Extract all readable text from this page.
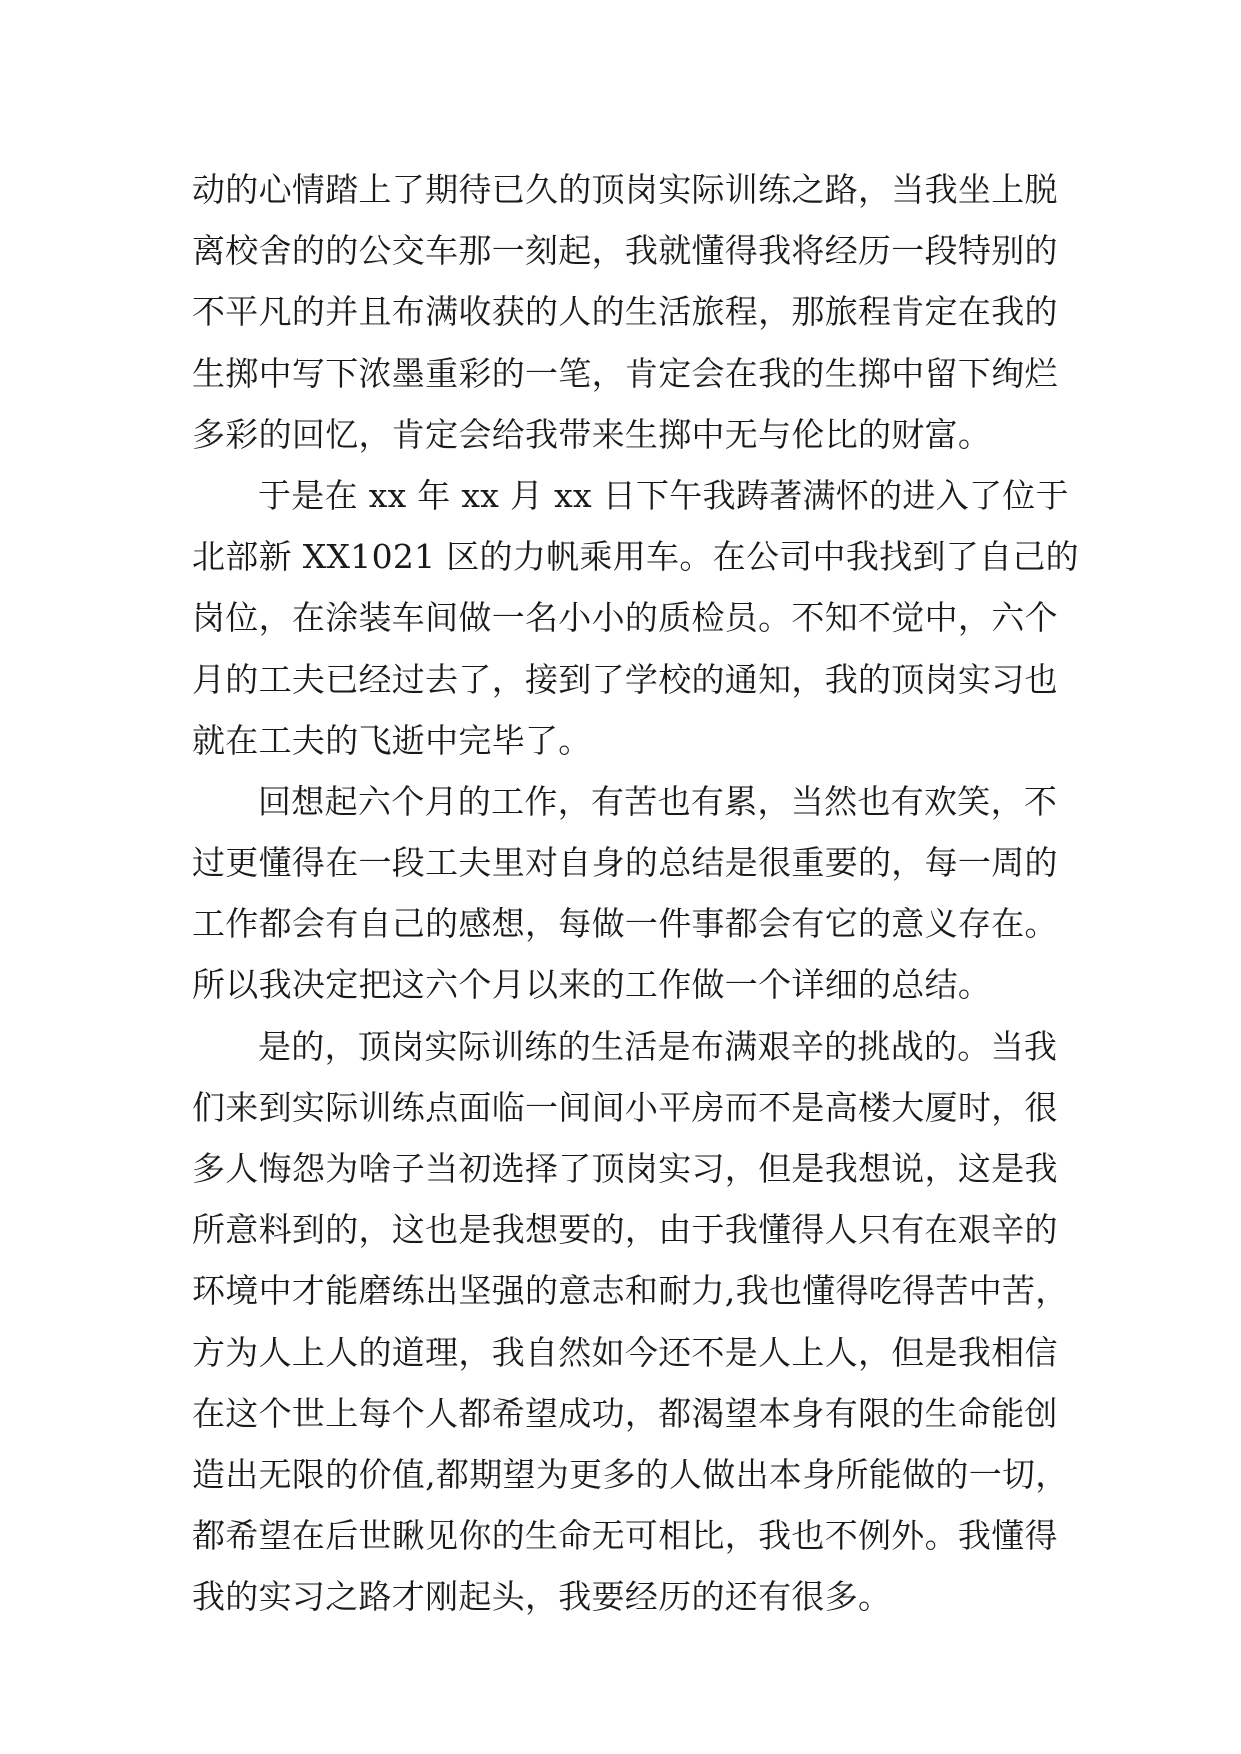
动的心情踏上了期待已久的顶岗实际训练之路，当我坐上脱
离校舍的的公交车那一刻起，我就懂得我将经历一段特别的
不平凡的并且布满收获的人的生活旅程，那旅程肯定在我的
生掷中写下浓墨重彩的一笔，肯定会在我的生掷中留下绚烂
多彩的回忆，肯定会给我带来生掷中无与伦比的财富。
于是在 xx 年 xx 月 xx 日下午我踌著满怀的进入了位于
北部新 XX1021 区的力帆乘用车。在公司中我找到了自己的
岗位，在涂装车间做一名小小的质检员。不知不觉中，六个
月的工夫已经过去了，接到了学校的通知，我的顶岗实习也
就在工夫的飞逝中完毕了。
回想起六个月的工作，有苦也有累，当然也有欢笑，不
过更懂得在一段工夫里对自身的总结是很重要的，每一周的
工作都会有自己的感想，每做一件事都会有它的意义存在。
所以我决定把这六个月以来的工作做一个详细的总结。
是的，顶岗实际训练的生活是布满艰辛的挑战的。当我
们来到实际训练点面临一间间小平房而不是高楼大厦时，很
多人悔怨为啥子当初选择了顶岗实习，但是我想说，这是我
所意料到的，这也是我想要的，由于我懂得人只有在艰辛的
环境中才能磨练出坚强的意志和耐力,我也懂得吃得苦中苦，
方为人上人的道理，我自然如今还不是人上人，但是我相信
在这个世上每个人都希望成功，都渴望本身有限的生命能创
造出无限的价值,都期望为更多的人做出本身所能做的一切，
都希望在后世瞅见你的生命无可相比，我也不例外。我懂得
我的实习之路才刚起头，我要经历的还有很多。
